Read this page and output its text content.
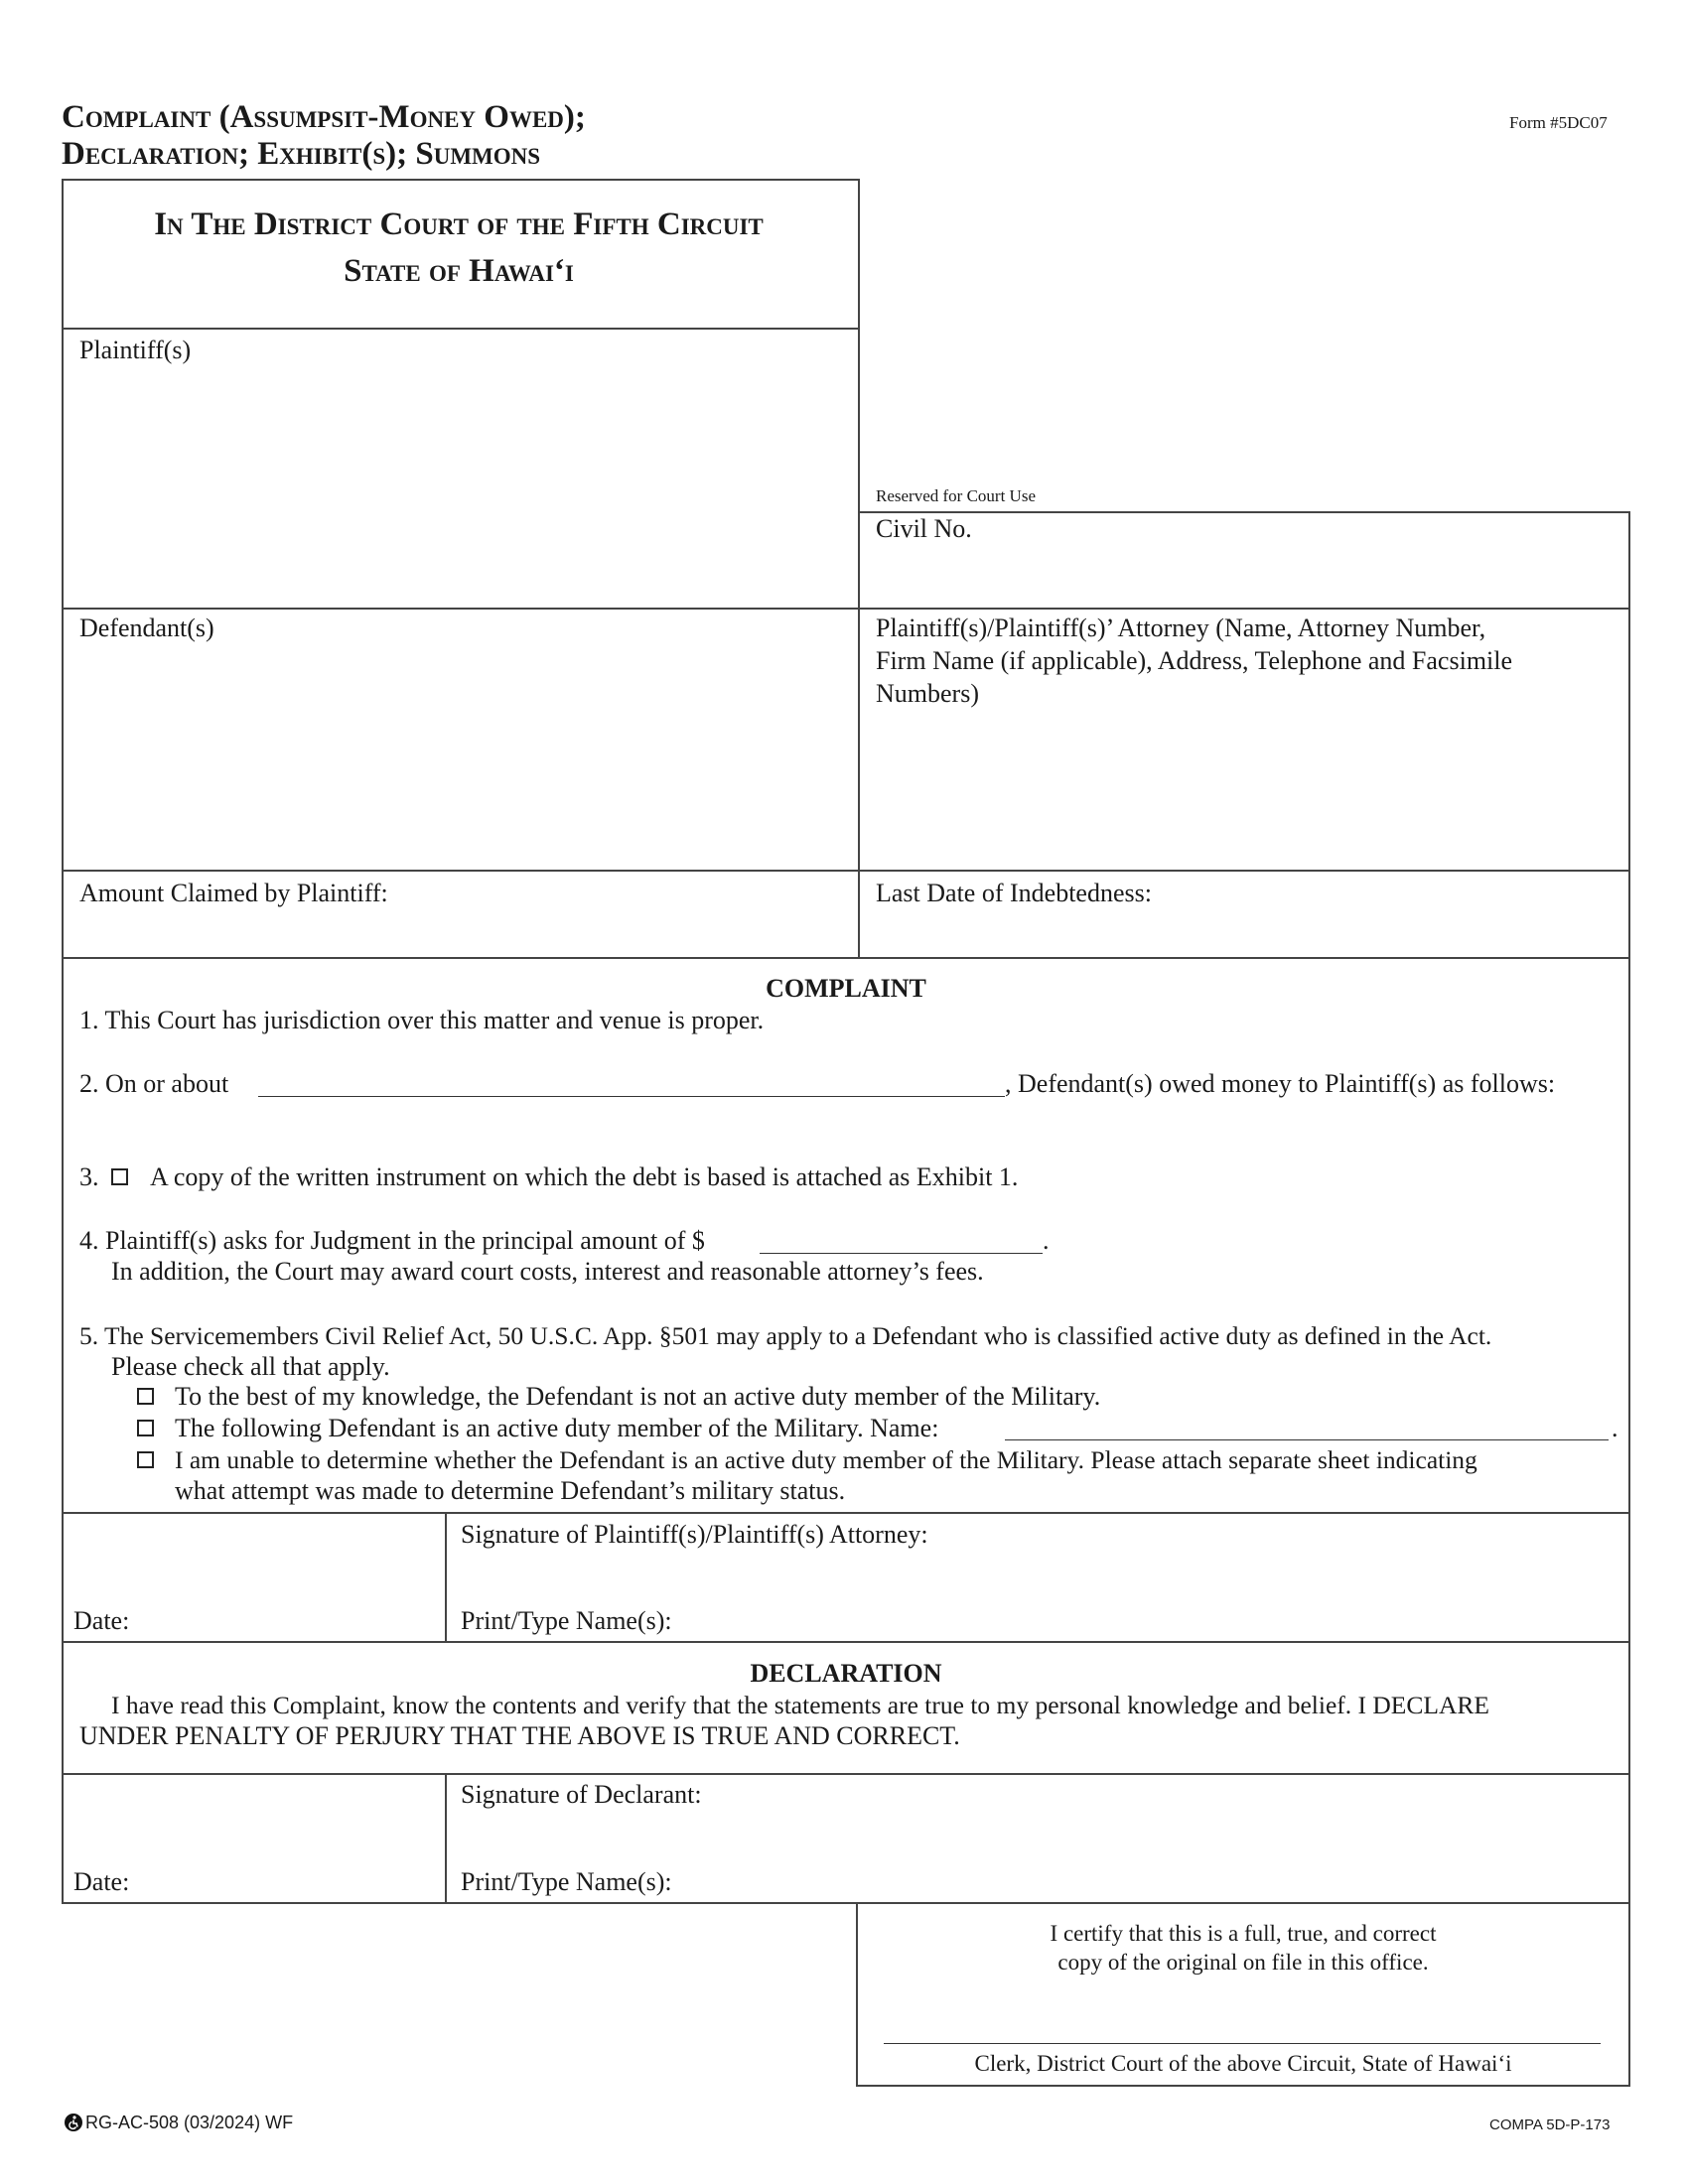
Complaint (Assumpsit-Money Owed);
Declaration; Exhibit(s); Summons
Form #5DC07
In The District Court of the Fifth Circuit
State of Hawai‘i
Plaintiff(s)
Reserved for Court Use
Civil No.
Defendant(s)	Plaintiff(s)/Plaintiff(s)’ Attorney (Name, Attorney Number,
Firm Name (if applicable), Address, Telephone and Facsimile
Numbers)
Amount Claimed by Plaintiff:	Last Date of Indebtedness:
COMPLAINT
1. This Court has jurisdiction over this matter and venue is proper.
2. On or about	, Defendant(s) owed money to Plaintiff(s) as follows:
3. A copy of the written instrument on which the debt is based is attached as Exhibit 1.
4. Plaintiff(s) asks for Judgment in the principal amount of $	.
In addition, the Court may award court costs, interest and reasonable attorney’s fees.
5. The Servicemembers Civil Relief Act, 50 U.S.C. App. §501 may apply to a Defendant who is classified active duty as defined in the Act.
Please check all that apply.
To the best of my knowledge, the Defendant is not an active duty member of the Military.
The following Defendant is an active duty member of the Military. Name:	.
I am unable to determine whether the Defendant is an active duty member of the Military. Please attach separate sheet indicating
what attempt was made to determine Defendant’s military status.
Signature of Plaintiff(s)/Plaintiff(s) Attorney:
Date:	Print/Type Name(s):
DECLARATION
I have read this Complaint, know the contents and verify that the statements are true to my personal knowledge and belief. I DECLARE
UNDER PENALTY OF PERJURY THAT THE ABOVE IS TRUE AND CORRECT.
Signature of Declarant:
Date:	Print/Type Name(s):
I certify that this is a full, true, and correct
copy of the original on file in this office.
Clerk, District Court of the above Circuit, State of Hawai‘i
RG-AC-508 (03/2024) WF	COMPA 5D-P-173
